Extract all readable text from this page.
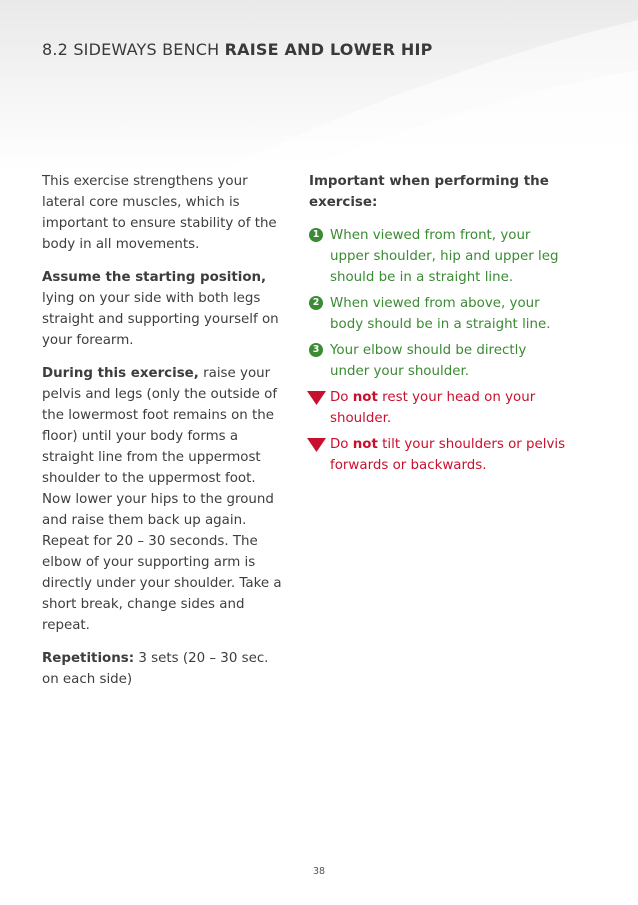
8.2 SIDEWAYS BENCH RAISE AND LOWER HIP

This exercise strengthens your lateral core muscles, which is important to ensure stability of the body in all movements.

Assume the starting position, lying on your side with both legs straight and supporting yourself on your forearm.

During this exercise, raise your pelvis and legs (only the outside of the lowermost foot remains on the floor) until your body forms a straight line from the uppermost shoulder to the uppermost foot. Now lower your hips to the ground and raise them back up again. Repeat for 20 – 30 seconds. The elbow of your supporting arm is directly under your shoulder. Take a short break, change sides and repeat.

Repetitions: 3 sets (20 – 30 sec. on each side)

Important when performing the exercise:

1 When viewed from front, your upper shoulder, hip and upper leg should be in a straight line.
2 When viewed from above, your body should be in a straight line.
3 Your elbow should be directly under your shoulder.
Do not rest your head on your shoulder.
Do not tilt your shoulders or pelvis forwards or backwards.
38
